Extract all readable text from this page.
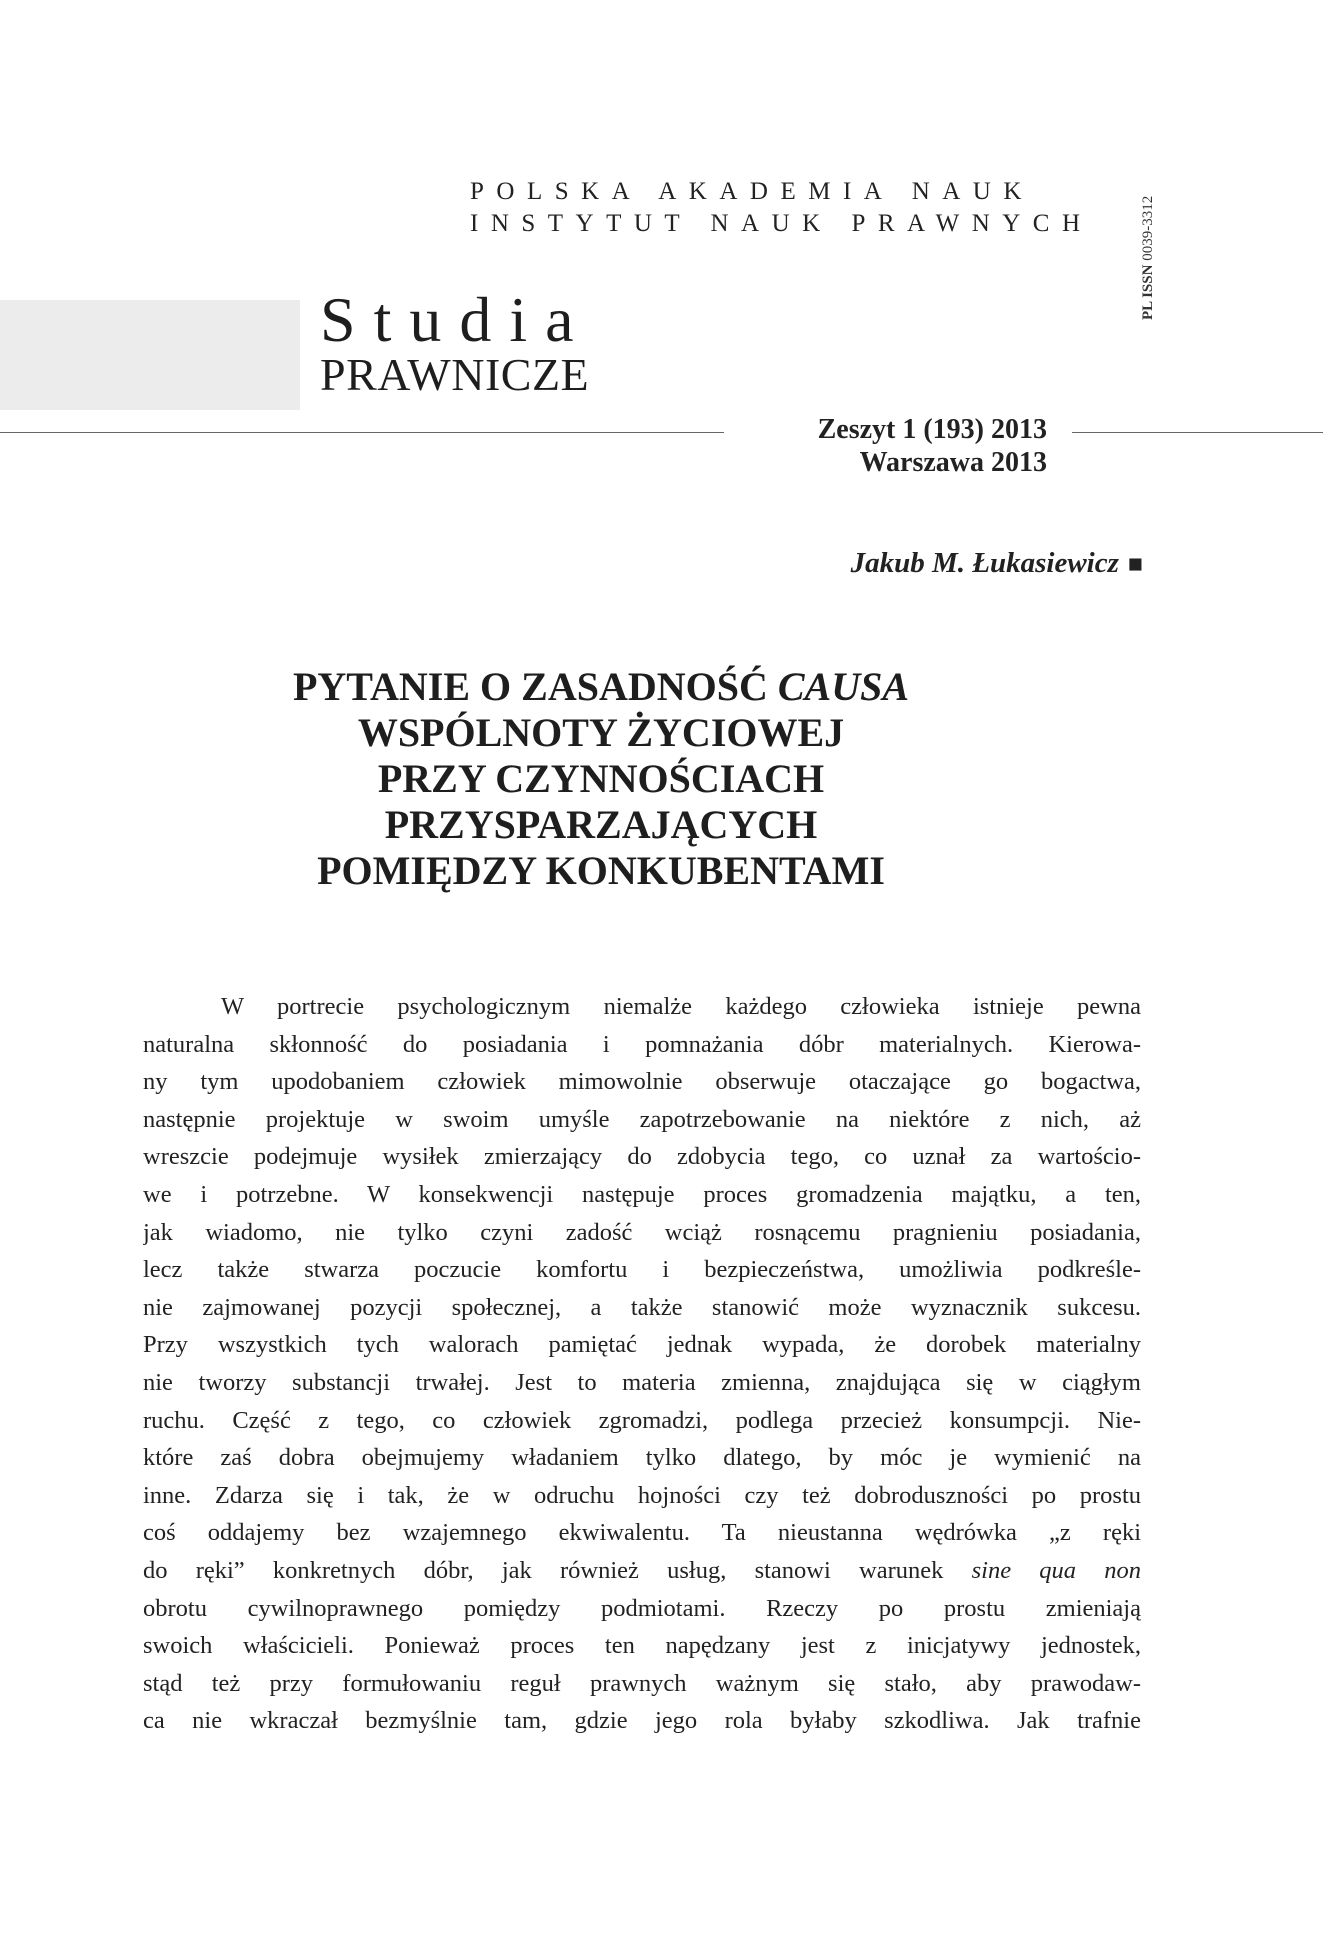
POLSKA AKADEMIA NAUK
INSTYTUT NAUK PRAWNYCH
Studia
PRAWNICZE
PL ISSN 0039-3312
Zeszyt 1 (193) 2013
Warszawa 2013
Jakub M. Łukasiewicz ■
PYTANIE O ZASADNOŚĆ CAUSA
WSPÓLNOTY ŻYCIOWEJ
PRZY CZYNNOŚCIACH
PRZYSPARZAJĄCYCH
POMIĘDZY KONKUBENTAMI
W portrecie psychologicznym niemalże każdego człowieka istnieje pewna
naturalna skłonność do posiadania i pomnażania dóbr materialnych. Kierowa-
ny tym upodobaniem człowiek mimowolnie obserwuje otaczające go bogactwa,
następnie projektuje w swoim umyśle zapotrzebowanie na niektóre z nich, aż
wreszcie podejmuje wysiłek zmierzający do zdobycia tego, co uznał za wartościo-
we i potrzebne. W konsekwencji następuje proces gromadzenia majątku, a ten,
jak wiadomo, nie tylko czyni zadość wciąż rosnącemu pragnieniu posiadania,
lecz także stwarza poczucie komfortu i bezpieczeństwa, umożliwia podkreśle-
nie zajmowanej pozycji społecznej, a także stanowić może wyznacznik sukcesu.
Przy wszystkich tych walorach pamiętać jednak wypada, że dorobek materialny
nie tworzy substancji trwałej. Jest to materia zmienna, znajdująca się w ciągłym
ruchu. Część z tego, co człowiek zgromadzi, podlega przecież konsumpcji. Nie-
które zaś dobra obejmujemy władaniem tylko dlatego, by móc je wymienić na
inne. Zdarza się i tak, że w odruchu hojności czy też dobroduszności po prostu
coś oddajemy bez wzajemnego ekwiwalentu. Ta nieustanna wędrówka „z ręki
do ręki” konkretnych dóbr, jak również usług, stanowi warunek sine qua non
obrotu cywilnoprawnego pomiędzy podmiotami. Rzeczy po prostu zmieniają
swoich właścicieli. Ponieważ proces ten napędzany jest z inicjatywy jednostek,
stąd też przy formułowaniu reguł prawnych ważnym się stało, aby prawodaw-
ca nie wkraczał bezmyślnie tam, gdzie jego rola byłaby szkodliwa. Jak trafnie
